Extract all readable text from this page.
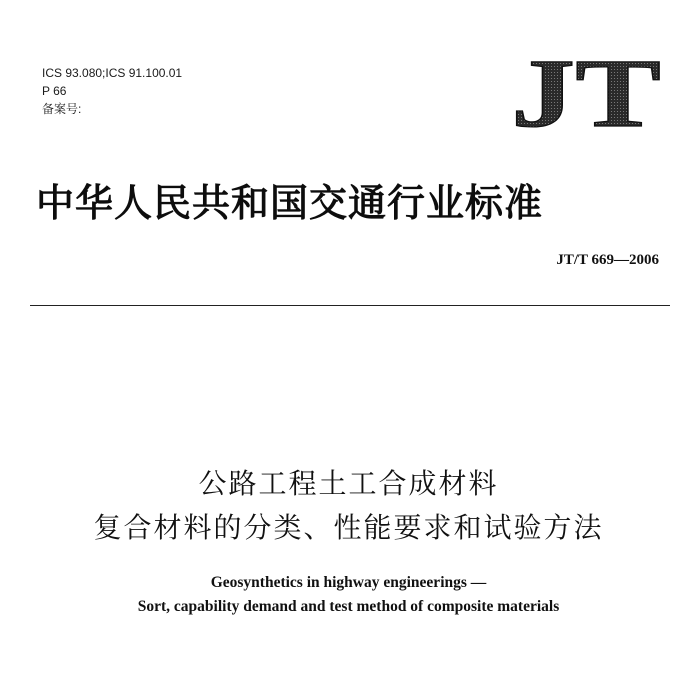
ICS 93.080;ICS 91.100.01
P 66
备案号:	JT
中华人民共和国交通行业标准
JT/T 669—2006
公路工程土工合成材料
复合材料的分类、性能要求和试验方法
Geosynthetics in highway engineerings —
Sort, capability demand and test method of composite materials
